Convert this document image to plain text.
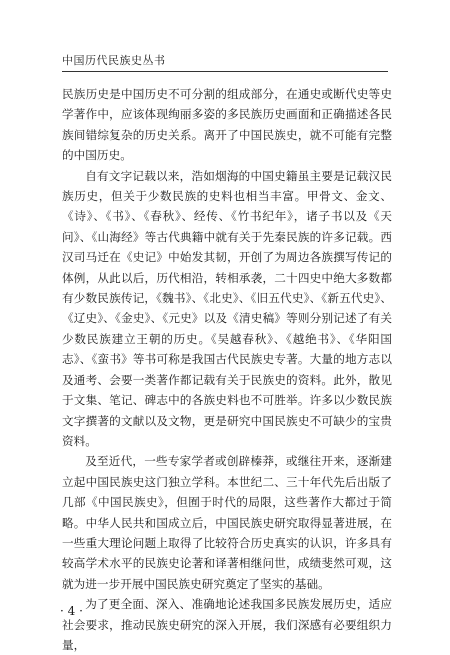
中国历代民族史丛书

民族历史是中国历史不可分割的组成部分，在通史或断代史等史学著作中，应该体现绚丽多姿的多民族历史画面和正确描述各民族间错综复杂的历史关系。离开了中国民族史，就不可能有完整的中国历史。

自有文字记载以来，浩如烟海的中国史籍虽主要是记载汉民族历史，但关于少数民族的史料也相当丰富。甲骨文、金文、《诗》、《书》、《春秋》、经传、《竹书纪年》，诸子书以及《天问》、《山海经》等古代典籍中就有关于先秦民族的许多记载。西汉司马迁在《史记》中始发其韧，开创了为周边各族撰写传记的体例，从此以后，历代相沿，转相承袭，二十四史中绝大多数都有少数民族传记，《魏书》、《北史》、《旧五代史》、《新五代史》、《辽史》、《金史》、《元史》以及《清史稿》等则分别记述了有关少数民族建立王朝的历史。《吴越春秋》、《越绝书》、《华阳国志》、《蛮书》等书可称是我国古代民族史专著。大量的地方志以及通考、会要一类著作都记载有关于民族史的资料。此外，散见于文集、笔记、碑志中的各族史料也不可胜举。许多以少数民族文字撰著的文献以及文物，更是研究中国民族史不可缺少的宝贵资料。

及至近代，一些专家学者或创辟榛莽，或继往开来，逐渐建立起中国民族史这门独立学科。本世纪二、三十年代先后出版了几部《中国民族史》，但囿于时代的局限，这些著作大都过于简略。中华人民共和国成立后，中国民族史研究取得显著进展，在一些重大理论问题上取得了比较符合历史真实的认识，许多具有较高学术水平的民族史论著和译著相继问世，成绩斐然可观，这就为进一步开展中国民族史研究奠定了坚实的基础。

为了更全面、深入、准确地论述我国多民族发展历史，适应社会要求，推动民族史研究的深入开展，我们深感有必要组织力量，

· 4 ·
